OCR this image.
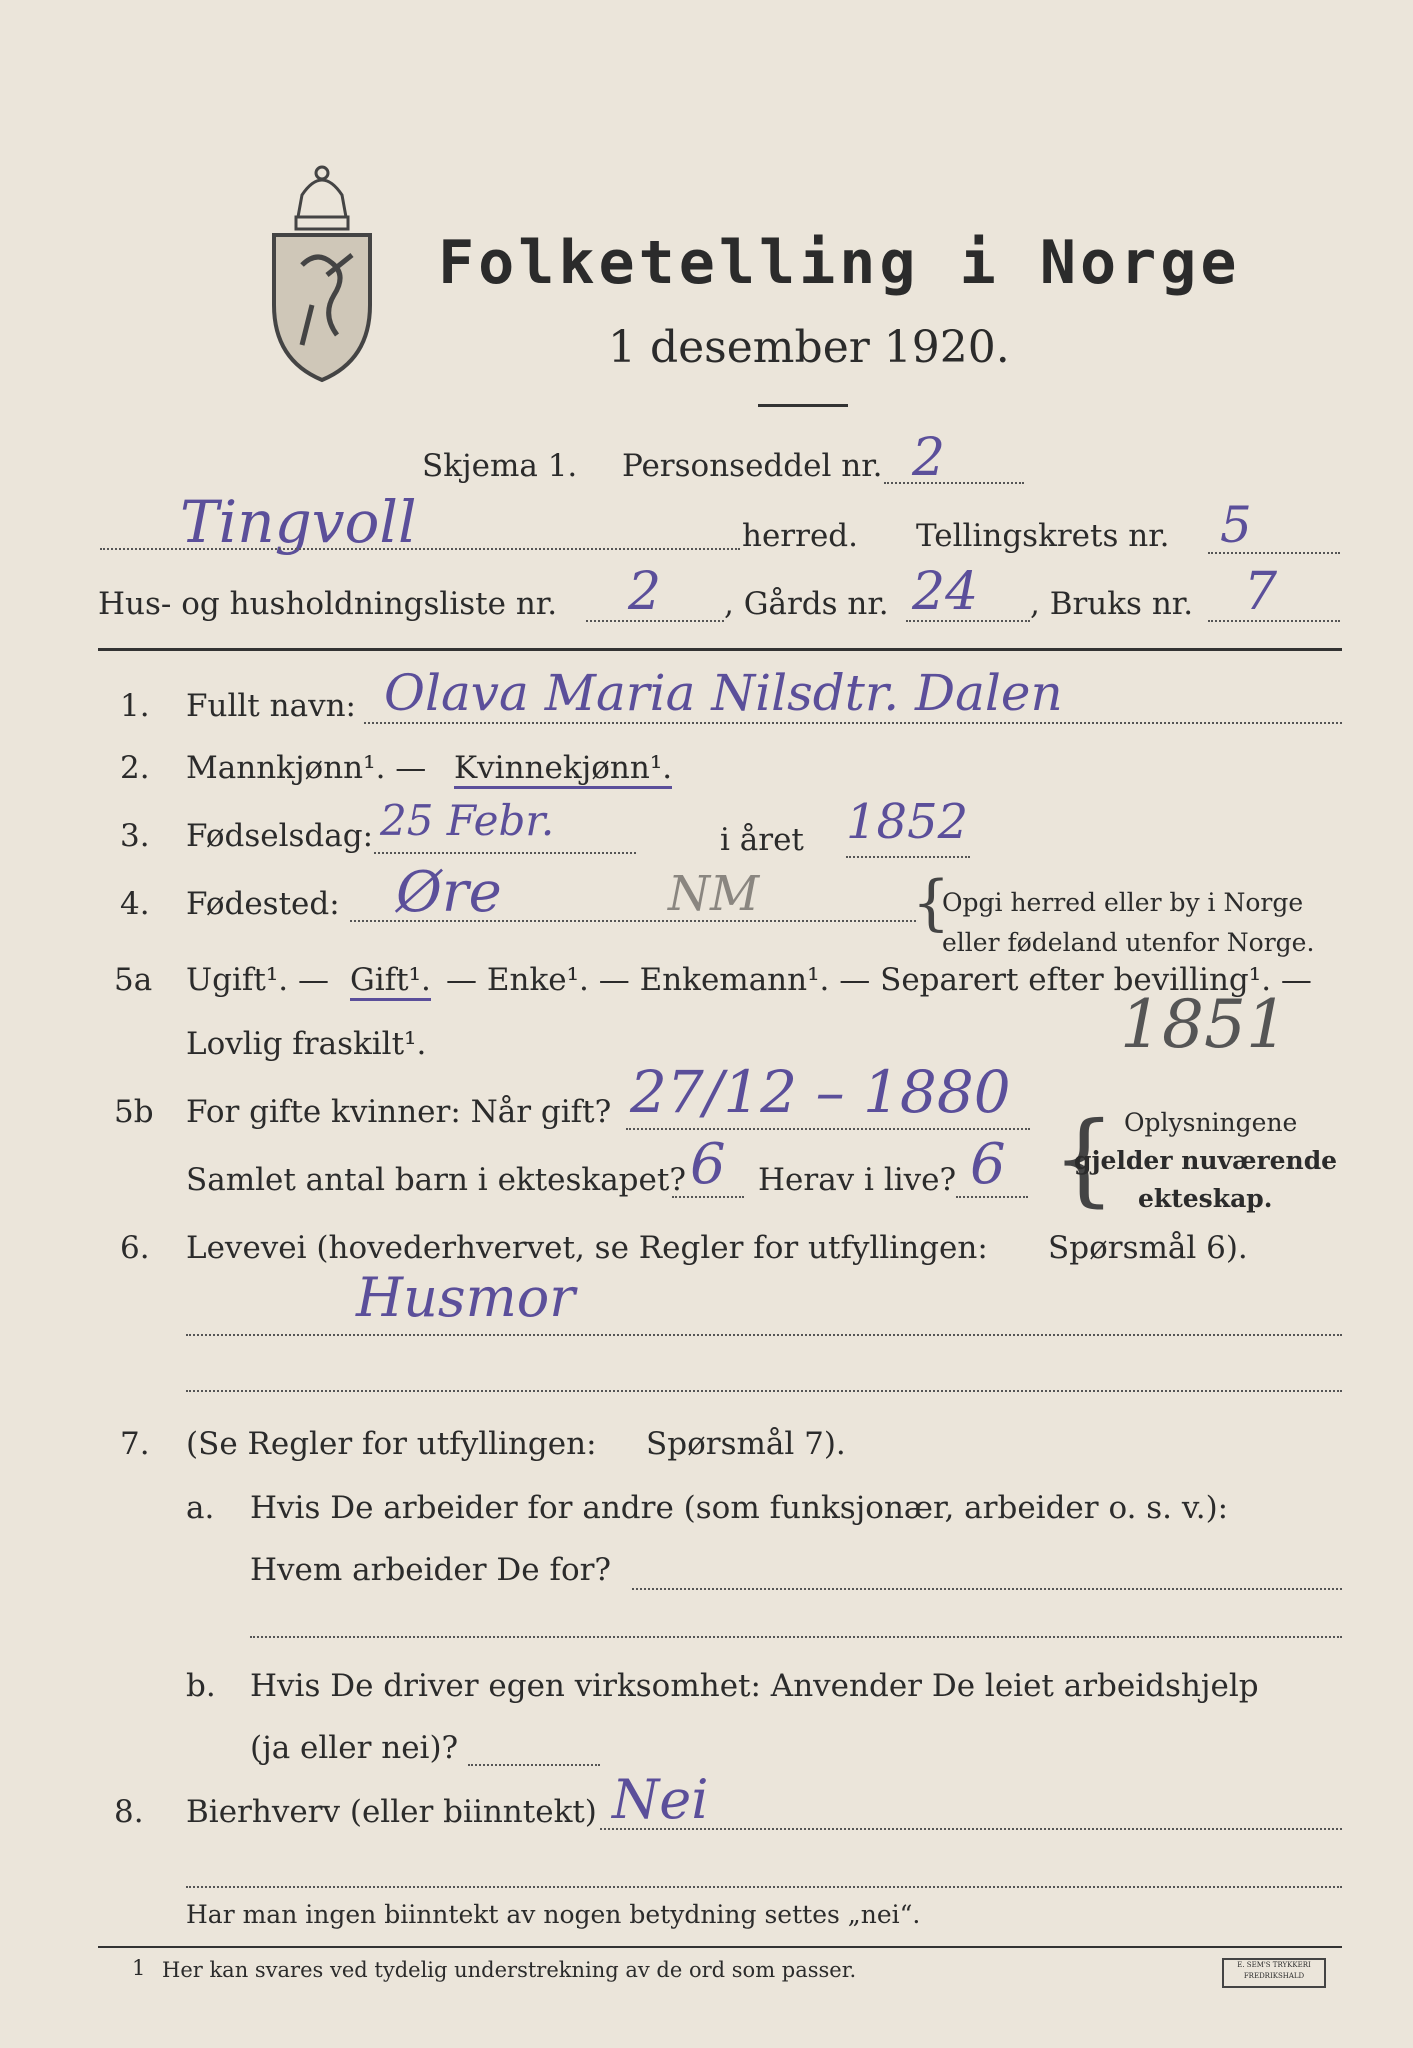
Folketelling i Norge
1 desember 1920.
Skjema 1. Personseddel nr. 2
Tingvoll	herred. Tellingskrets nr. 5
Hus- og husholdningsliste nr. 2 , Gårds nr. 24 , Bruks nr. 7
1. Fullt navn: Olava Maria Nilsdtr. Dalen
2. Mannkjønn¹. — Kvinnekjønn¹.
3. Fødselsdag: 25 Febr.	i året 1852
4. Fødested: Øre	NM	{
Opgi herred eller by i Norge
eller fødeland utenfor Norge.
5a Ugift¹. — Gift¹. — Enke¹. — Enkemann¹. — Separert efter bevilling¹. —
Lovlig fraskilt¹.	1851
5b For gifte kvinner: Når gift? 27/12 – 1880
Samlet antal barn i ekteskapet? 6 Herav i live? 6 { Oplysningene
gjelder nuværende
ekteskap.
6. Levevei (hovederhvervet, se Regler for utfyllingen: Spørsmål 6).
Husmor
7. (Se Regler for utfyllingen: Spørsmål 7).
a. Hvis De arbeider for andre (som funksjonær, arbeider o. s. v.):
Hvem arbeider De for?
b. Hvis De driver egen virksomhet: Anvender De leiet arbeidshjelp
(ja eller nei)?
8. Bierhverv (eller biinntekt) Nei
Har man ingen biinntekt av nogen betydning settes „nei“.
1 Her kan svares ved tydelig understrekning av de ord som passer.	E. SEM'S TRYKKERI FREDRIKSHALD
